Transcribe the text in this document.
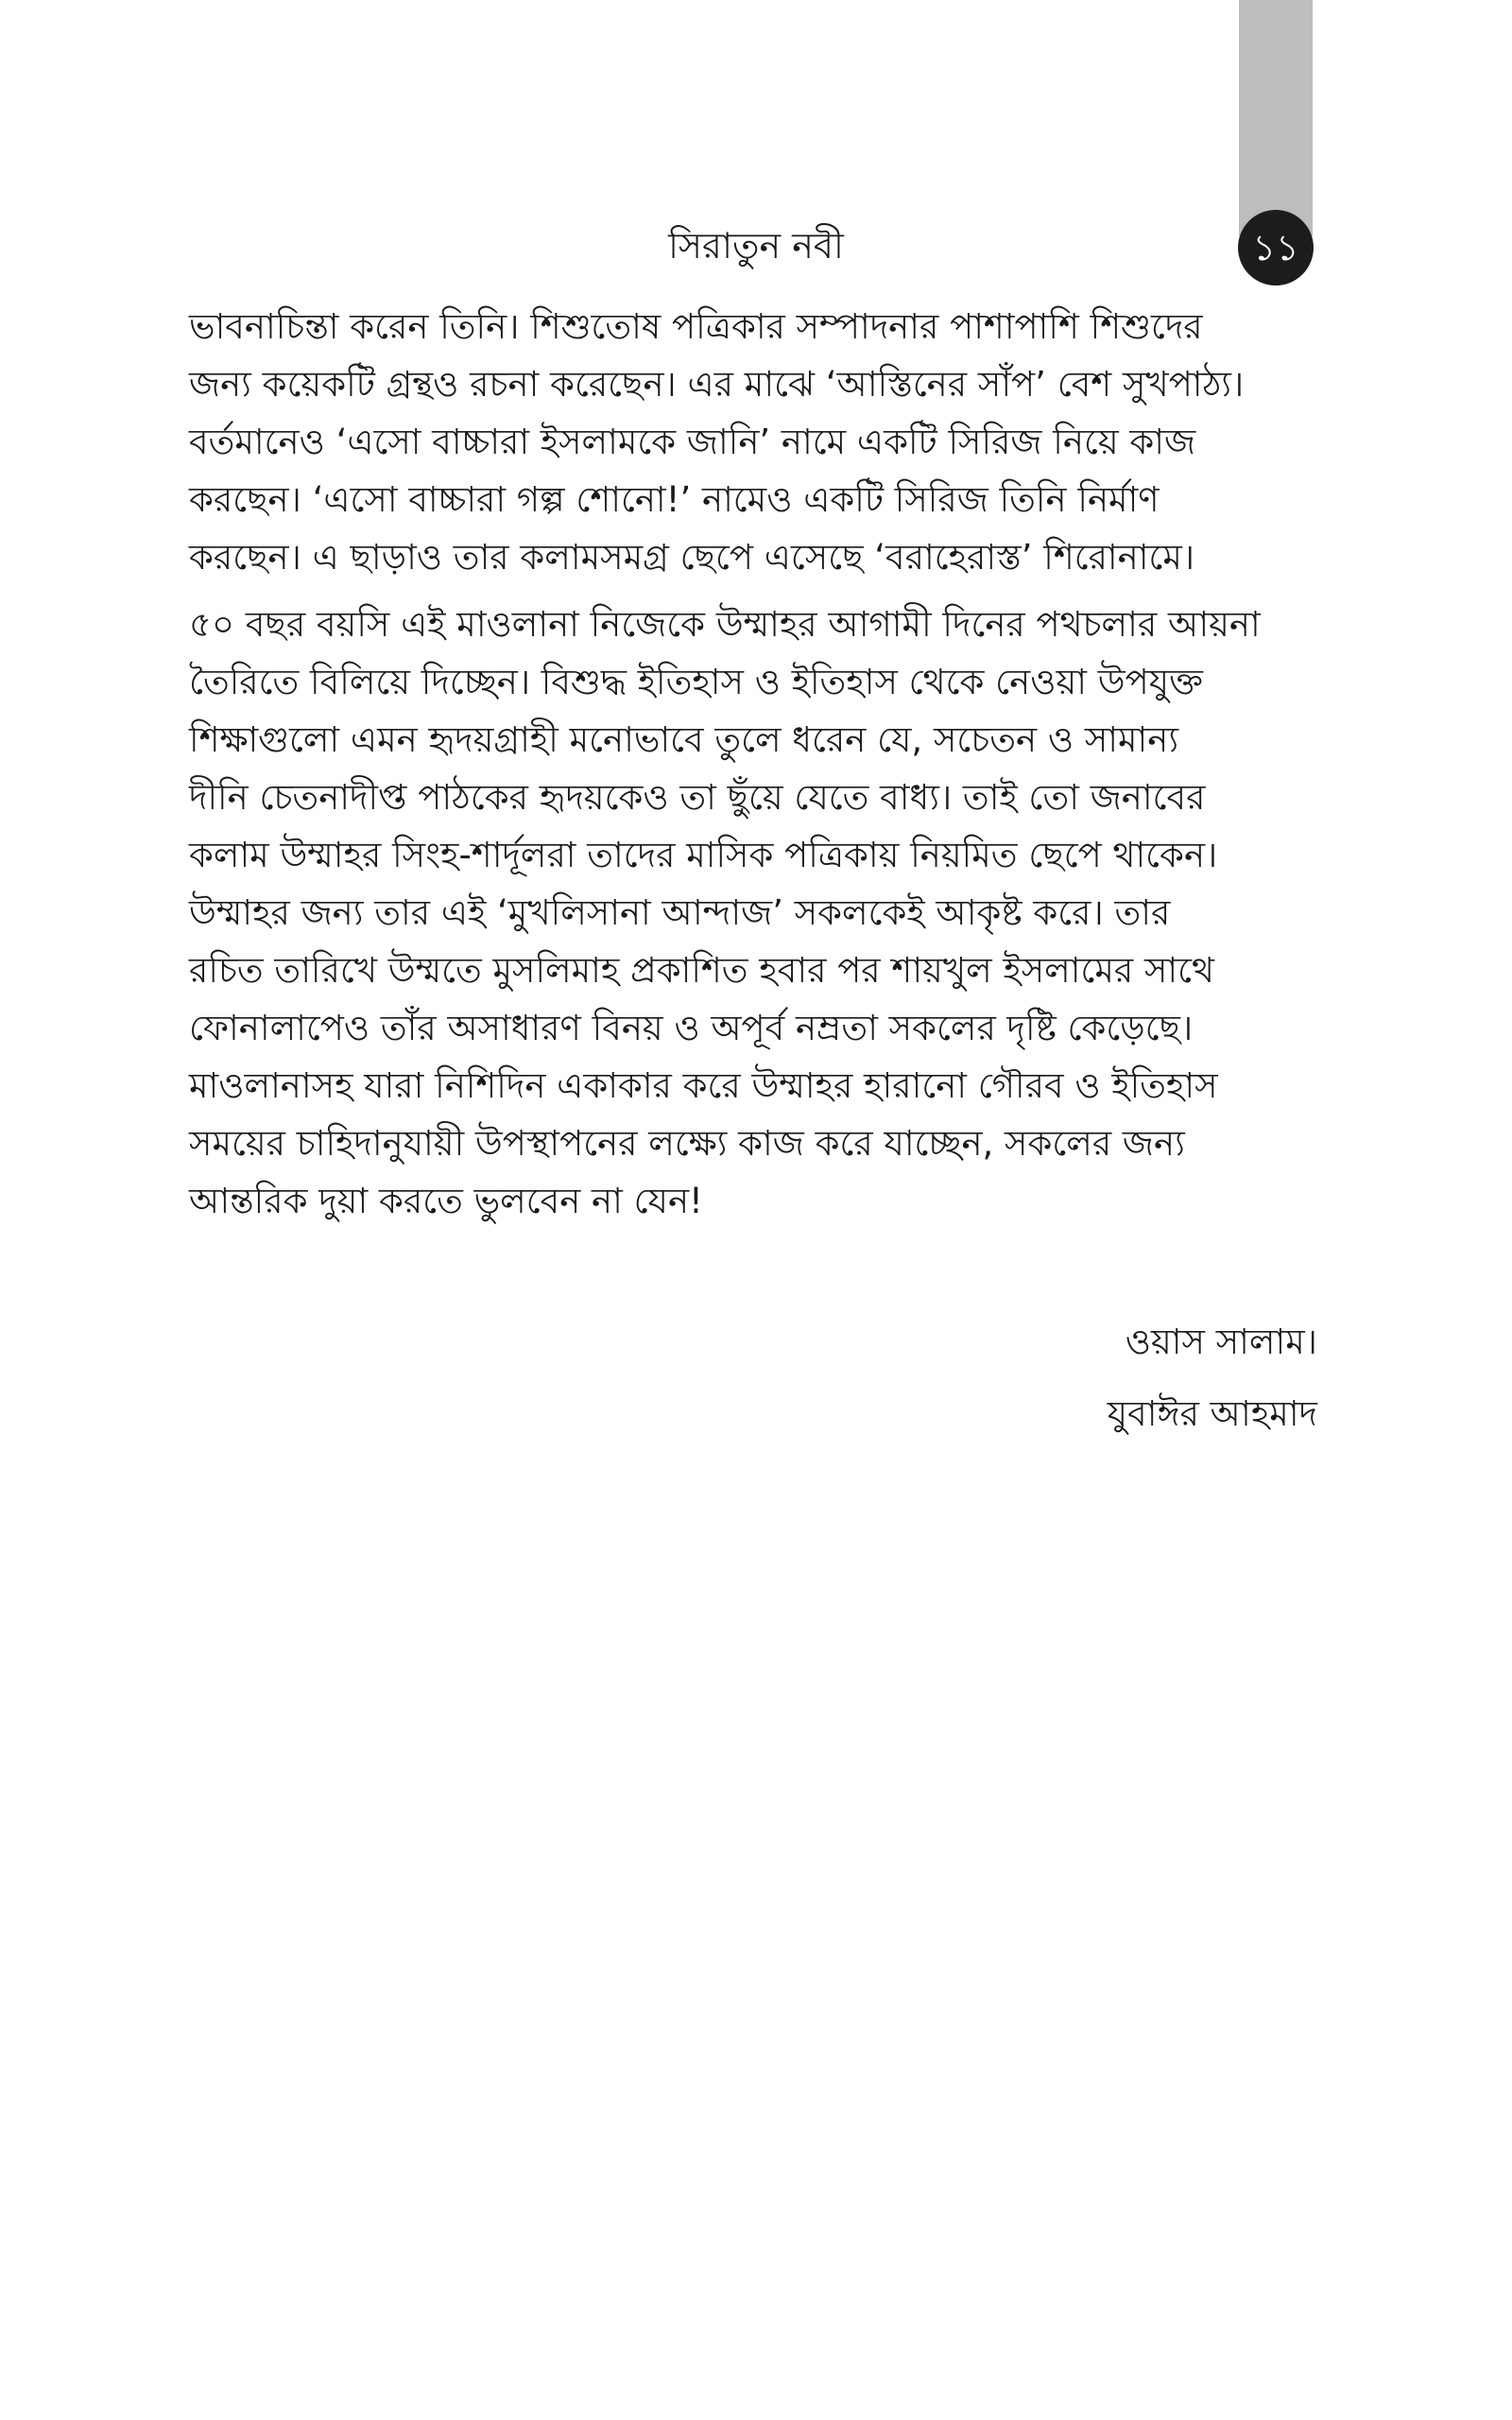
১১
সিরাতুন নবী

ভাবনাচিন্তা করেন তিনি। শিশুতোষ পত্রিকার সম্পাদনার পাশাপাশি শিশুদের
জন্য কয়েকটি গ্রন্থও রচনা করেছেন। এর মাঝে ‘আস্তিনের সাঁপ’ বেশ সুখপাঠ্য।
বর্তমানেও ‘এসো বাচ্চারা ইসলামকে জানি’ নামে একটি সিরিজ নিয়ে কাজ
করছেন। ‘এসো বাচ্চারা গল্প শোনো!’ নামেও একটি সিরিজ তিনি নির্মাণ
করছেন। এ ছাড়াও তার কলামসমগ্র ছেপে এসেছে ‘বরাহেরাস্ত’ শিরোনামে।

৫০ বছর বয়সি এই মাওলানা নিজেকে উম্মাহর আগামী দিনের পথচলার আয়না
তৈরিতে বিলিয়ে দিচ্ছেন। বিশুদ্ধ ইতিহাস ও ইতিহাস থেকে নেওয়া উপযুক্ত
শিক্ষাগুলো এমন হৃদয়গ্রাহী মনোভাবে তুলে ধরেন যে, সচেতন ও সামান্য
দীনি চেতনাদীপ্ত পাঠকের হৃদয়কেও তা ছুঁয়ে যেতে বাধ্য। তাই তো জনাবের
কলাম উম্মাহর সিংহ-শার্দূলরা তাদের মাসিক পত্রিকায় নিয়মিত ছেপে থাকেন।
উম্মাহর জন্য তার এই ‘মুখলিসানা আন্দাজ’ সকলকেই আকৃষ্ট করে। তার
রচিত তারিখে উম্মতে মুসলিমাহ প্রকাশিত হবার পর শায়খুল ইসলামের সাথে
ফোনালাপেও তাঁর অসাধারণ বিনয় ও অপূর্ব নম্রতা সকলের দৃষ্টি কেড়েছে।
মাওলানাসহ যারা নিশিদিন একাকার করে উম্মাহর হারানো গৌরব ও ইতিহাস
সময়ের চাহিদানুযায়ী উপস্থাপনের লক্ষ্যে কাজ করে যাচ্ছেন, সকলের জন্য
আন্তরিক দুয়া করতে ভুলবেন না যেন!

ওয়াস সালাম।
যুবাঈর আহমাদ
